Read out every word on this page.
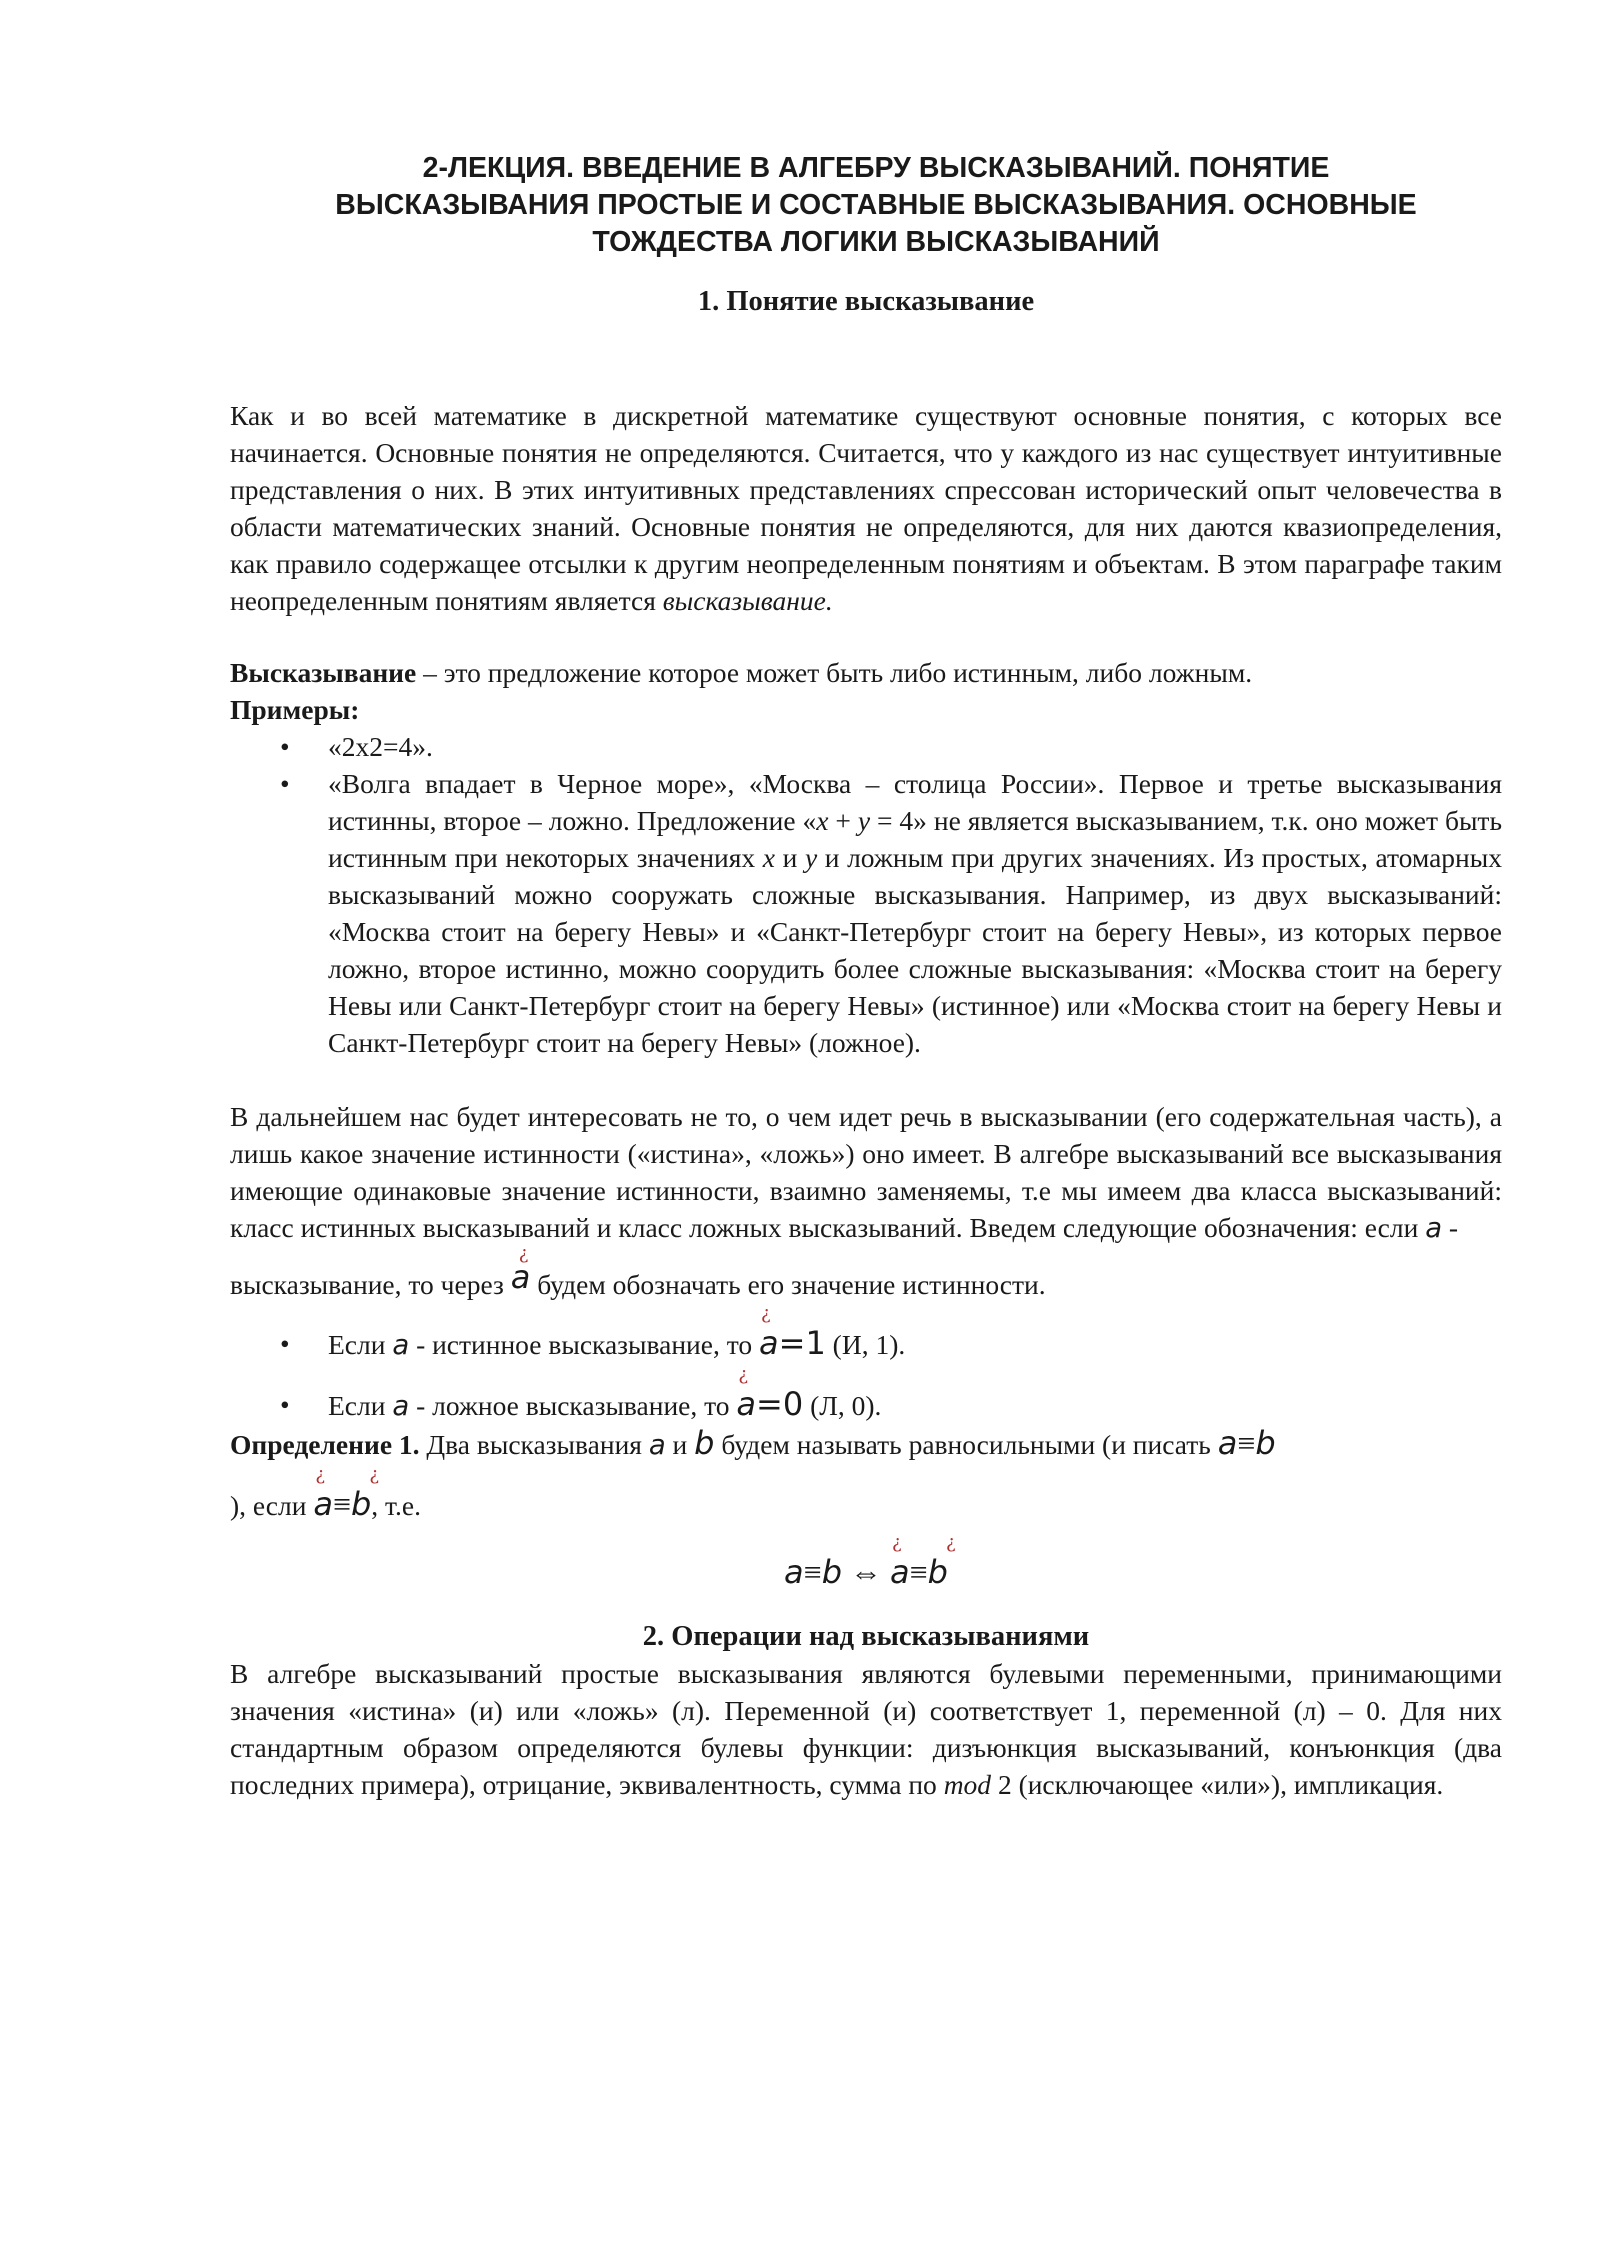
2-ЛЕКЦИЯ. ВВЕДЕНИЕ В АЛГЕБРУ ВЫСКАЗЫВАНИЙ. ПОНЯТИЕ
ВЫСКАЗЫВАНИЯ ПРОСТЫЕ И СОСТАВНЫЕ ВЫСКАЗЫВАНИЯ. ОСНОВНЫЕ
ТОЖДЕСТВА ЛОГИКИ ВЫСКАЗЫВАНИЙ

1. Понятие высказывание

Как и во всей математике в дискретной математике существуют основные понятия, с которых все начинается. Основные понятия не определяются. Считается, что у каждого из нас существует интуитивные представления о них. В этих интуитивных представлениях спрессован исторический опыт человечества в области математических знаний. Основные понятия не определяются, для них даются квазиопределения, как правило содержащее отсылки к другим неопределенным понятиям и объектам. В этом параграфе таким неопределенным понятиям является высказывание.

Высказывание – это предложение которое может быть либо истинным, либо ложным.

Примеры:

• «2x2=4».
• «Волга впадает в Черное море», «Москва – столица России». Первое и третье высказывания истинны, второе – ложно. Предложение «x + y = 4» не является высказыванием, т.к. оно может быть истинным при некоторых значениях x и y и ложным при других значениях. Из простых, атомарных высказываний можно сооружать сложные высказывания. Например, из двух высказываний: «Москва стоит на берегу Невы» и «Санкт-Петербург стоит на берегу Невы», из которых первое ложно, второе истинно, можно соорудить более сложные высказывания: «Москва стоит на берегу Невы или Санкт-Петербург стоит на берегу Невы» (истинное) или «Москва стоит на берегу Невы и Санкт-Петербург стоит на берегу Невы» (ложное).

В дальнейшем нас будет интересовать не то, о чем идет речь в высказывании (его содержательная часть), а лишь какое значение истинности («истина», «ложь») оно имеет. В алгебре высказываний все высказывания имеющие одинаковые значение истинности, взаимно заменяемы, т.е мы имеем два класса высказываний: класс истинных высказываний и класс ложных высказываний. Введем следующие обозначения: если a -

высказывание, то через
¿
a будем обозначать его значение истинности.

• Если a - истинное высказывание, то
¿
a=1 (И, 1).
• Если a - ложное высказывание, то
¿
a=0 (Л, 0).

Определение 1. Два высказывания a и b будем называть равносильными (и писать a≡b

), если
¿ ¿
a≡b, т.е.

a≡b ⇔
¿ ¿
a≡b

2. Операции над высказываниями

В алгебре высказываний простые высказывания являются булевыми переменными, принимающими значения «истина» (и) или «ложь» (л). Переменной (и) соответствует 1, переменной (л) – 0. Для них стандартным образом определяются булевы функции: дизъюнкция высказываний, конъюнкция (два последних примера), отрицание, эквивалентность, сумма по mod 2 (исключающее «или»), импликация.
